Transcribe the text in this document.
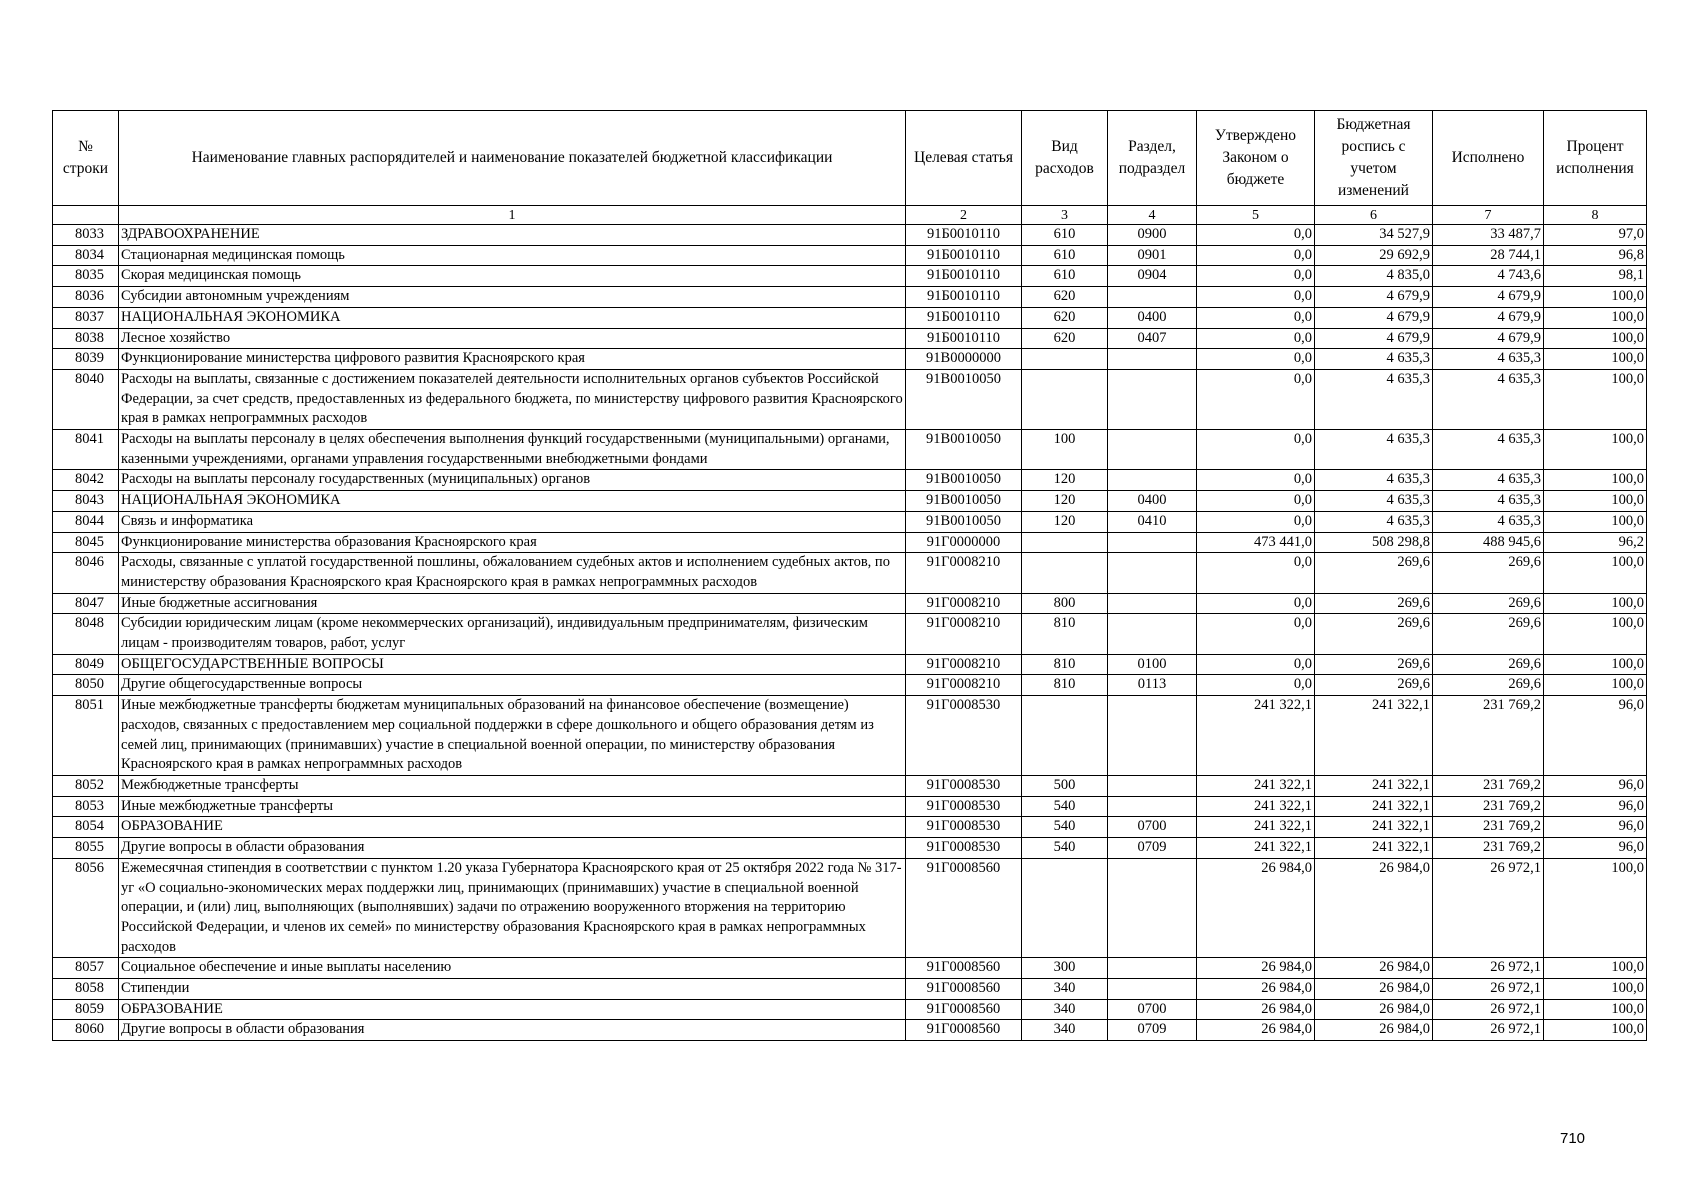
№ строки	Наименование главных распорядителей и наименование показателей бюджетной классификации	Целевая статья	Вид расходов	Раздел, подраздел	Утверждено Законом о бюджете	Бюджетная роспись с учетом изменений	Исполнено	Процент исполнения
	1	2	3	4	5	6	7	8
8033	ЗДРАВООХРАНЕНИЕ	91Б0010110	610	0900	0,0	34 527,9	33 487,7	97,0
8034	Стационарная медицинская помощь	91Б0010110	610	0901	0,0	29 692,9	28 744,1	96,8
8035	Скорая медицинская помощь	91Б0010110	610	0904	0,0	4 835,0	4 743,6	98,1
8036	Субсидии автономным учреждениям	91Б0010110	620		0,0	4 679,9	4 679,9	100,0
8037	НАЦИОНАЛЬНАЯ ЭКОНОМИКА	91Б0010110	620	0400	0,0	4 679,9	4 679,9	100,0
8038	Лесное хозяйство	91Б0010110	620	0407	0,0	4 679,9	4 679,9	100,0
8039	Функционирование министерства цифрового развития Красноярского края	91В0000000			0,0	4 635,3	4 635,3	100,0
8040	Расходы на выплаты, связанные с достижением показателей деятельности исполнительных органов субъектов Российской Федерации, за счет средств, предоставленных из федерального бюджета, по министерству цифрового развития Красноярского края в рамках непрограммных расходов	91В0010050			0,0	4 635,3	4 635,3	100,0
8041	Расходы на выплаты персоналу в целях обеспечения выполнения функций государственными (муниципальными) органами, казенными учреждениями, органами управления государственными внебюджетными фондами	91В0010050	100		0,0	4 635,3	4 635,3	100,0
8042	Расходы на выплаты персоналу государственных (муниципальных) органов	91В0010050	120		0,0	4 635,3	4 635,3	100,0
8043	НАЦИОНАЛЬНАЯ ЭКОНОМИКА	91В0010050	120	0400	0,0	4 635,3	4 635,3	100,0
8044	Связь и информатика	91В0010050	120	0410	0,0	4 635,3	4 635,3	100,0
8045	Функционирование министерства образования Красноярского края	91Г0000000			473 441,0	508 298,8	488 945,6	96,2
8046	Расходы, связанные с уплатой государственной пошлины, обжалованием судебных актов и исполнением судебных актов, по министерству образования Красноярского края Красноярского края в рамках непрограммных расходов	91Г0008210			0,0	269,6	269,6	100,0
8047	Иные бюджетные ассигнования	91Г0008210	800		0,0	269,6	269,6	100,0
8048	Субсидии юридическим лицам (кроме некоммерческих организаций), индивидуальным предпринимателям, физическим лицам - производителям товаров, работ, услуг	91Г0008210	810		0,0	269,6	269,6	100,0
8049	ОБЩЕГОСУДАРСТВЕННЫЕ ВОПРОСЫ	91Г0008210	810	0100	0,0	269,6	269,6	100,0
8050	Другие общегосударственные вопросы	91Г0008210	810	0113	0,0	269,6	269,6	100,0
8051	Иные межбюджетные трансферты бюджетам муниципальных образований на финансовое обеспечение (возмещение) расходов, связанных с предоставлением мер социальной поддержки в сфере дошкольного и общего образования детям из семей лиц, принимающих (принимавших) участие в специальной военной операции, по министерству образования Красноярского края в рамках непрограммных расходов	91Г0008530			241 322,1	241 322,1	231 769,2	96,0
8052	Межбюджетные трансферты	91Г0008530	500		241 322,1	241 322,1	231 769,2	96,0
8053	Иные межбюджетные трансферты	91Г0008530	540		241 322,1	241 322,1	231 769,2	96,0
8054	ОБРАЗОВАНИЕ	91Г0008530	540	0700	241 322,1	241 322,1	231 769,2	96,0
8055	Другие вопросы в области образования	91Г0008530	540	0709	241 322,1	241 322,1	231 769,2	96,0
8056	Ежемесячная стипендия в соответствии с пунктом 1.20 указа Губернатора Красноярского края от 25 октября 2022 года № 317-уг «О социально-экономических мерах поддержки лиц, принимающих (принимавших) участие в специальной военной операции, и (или) лиц, выполняющих (выполнявших) задачи по отражению вооруженного вторжения на территорию Российской Федерации, и членов их семей» по министерству образования Красноярского края в рамках непрограммных расходов	91Г0008560			26 984,0	26 984,0	26 972,1	100,0
8057	Социальное обеспечение и иные выплаты населению	91Г0008560	300		26 984,0	26 984,0	26 972,1	100,0
8058	Стипендии	91Г0008560	340		26 984,0	26 984,0	26 972,1	100,0
8059	ОБРАЗОВАНИЕ	91Г0008560	340	0700	26 984,0	26 984,0	26 972,1	100,0
8060	Другие вопросы в области образования	91Г0008560	340	0709	26 984,0	26 984,0	26 972,1	100,0
710
